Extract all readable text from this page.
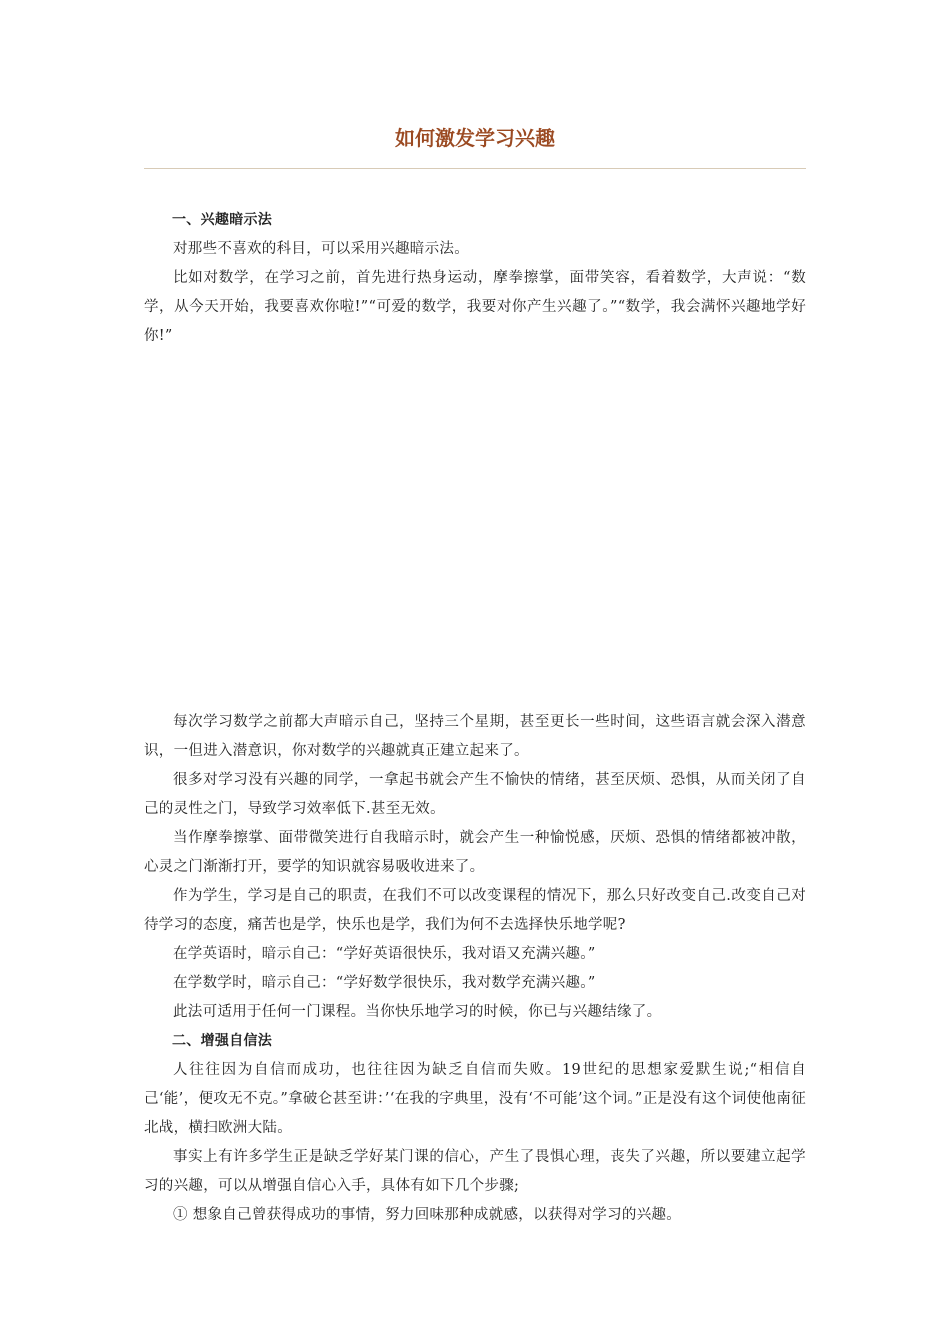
如何激发学习兴趣

一、兴趣暗示法

对那些不喜欢的科目，可以采用兴趣暗示法。

比如对数学，在学习之前，首先进行热身运动，摩拳擦掌，面带笑容，看着数学，大声说：“数学，从今天开始，我要喜欢你啦!”“可爱的数学，我要对你产生兴趣了。”“数学，我会满怀兴趣地学好你!”

每次学习数学之前都大声暗示自己，坚持三个星期，甚至更长一些时间，这些语言就会深入潜意识，一但进入潜意识，你对数学的兴趣就真正建立起来了。

很多对学习没有兴趣的同学，一拿起书就会产生不愉快的情绪，甚至厌烦、恐惧，从而关闭了自己的灵性之门，导致学习效率低下.甚至无效。

当作摩拳擦掌、面带微笑进行自我暗示时，就会产生一种愉悦感，厌烦、恐惧的情绪都被冲散，心灵之门渐渐打开，要学的知识就容易吸收进来了。

作为学生，学习是自己的职责，在我们不可以改变课程的情况下，那么只好改变自己.改变自己对待学习的态度，痛苦也是学，快乐也是学，我们为何不去选择快乐地学呢?

在学英语时，暗示自己：“学好英语很快乐，我对语又充满兴趣。”

在学数学时，暗示自己：“学好数学很快乐，我对数学充满兴趣。”

此法可适用于任何一门课程。当你快乐地学习的时候，你已与兴趣结缘了。

二、增强自信法

人往往因为自信而成功，也往往因为缺乏自信而失败。19世纪的思想家爱默生说;“相信自己‘能’，便攻无不克。”拿破仑甚至讲：’‘在我的字典里，没有‘不可能’这个词。”正是没有这个词使他南征北战，横扫欧洲大陆。

事实上有许多学生正是缺乏学好某门课的信心，产生了畏惧心理，丧失了兴趣，所以要建立起学习的兴趣，可以从增强自信心入手，具体有如下几个步骤;

① 想象自己曾获得成功的事情，努力回味那种成就感，以获得对学习的兴趣。
